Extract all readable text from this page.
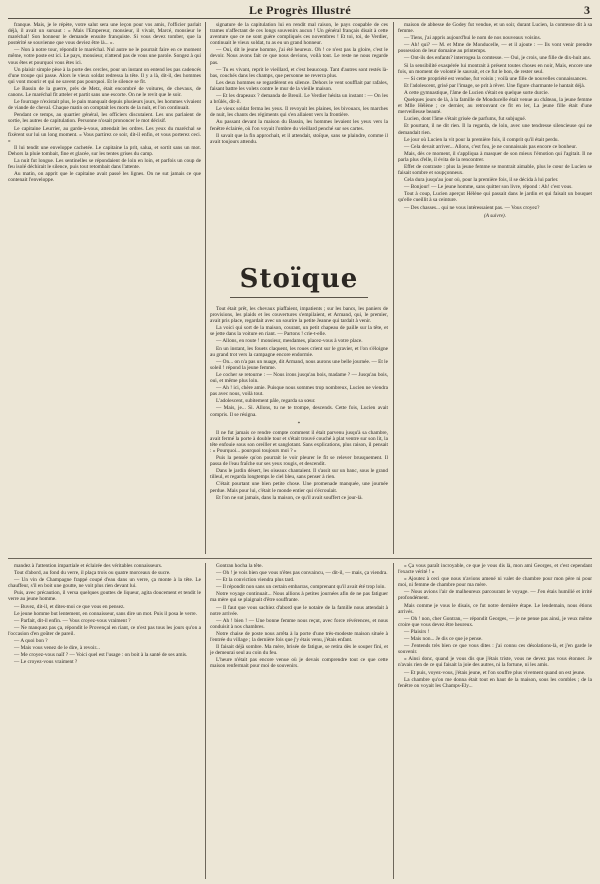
Le Progrès Illustré	3

franque. Mais, je le répète, votre salut sera une leçon pour vos amis, l'officier parlait déjà, il avait un sursaut : « Mais l'Empereur, monsieur, il vivait, Marcé, monsieur le maréchal! Son honneur le demande ensuite franquiste. Si vous devez tomber, que la postérité se souvienne que vous deviez être là... ».

— Non à notre tour, répondit le maréchal. Nul autre ne le pourrait faire en ce moment même, votre poste est ici. Le pays, monsieur, n'attend pas de vous une parole. Songez à qui vous êtes et pourquoi vous êtes ici.

Un plaisir simple pèse à la porte des cercles, pour un instant on entend les pas cadencés d'une troupe qui passe. Alors le vieux soldat redressa la tête. Il y a là, dit-il, des hommes qui vont mourir et qui ne savent pas pourquoi. Et le silence se fit.

Le Bassin de la guerre, près de Metz, était encombré de voitures, de chevaux, de canons. Le maréchal fit atteler et partit sans une escorte. On ne le revit que le soir.

Le fourrage n'existait plus, le pain manquait depuis plusieurs jours, les hommes vivaient de viande de cheval. Chaque matin on comptait les morts de la nuit, et l'on continuait.

Pendant ce temps, au quartier général, les officiers discutaient. Les uns parlaient de sortie, les autres de capitulation. Personne n'osait prononcer le mot décisif.

Le capitaine Leurrier, au garde-à-vous, attendait les ordres. Les yeux du maréchal se fixèrent sur lui un long moment. « Vous partirez ce soir, dit-il enfin, et vous porterez ceci. »

Il lui tendit une enveloppe cachetée. Le capitaine la prit, salua, et sortit sans un mot. Dehors la pluie tombait, fine et glacée, sur les tentes grises du camp.

La nuit fut longue. Les sentinelles se répondaient de loin en loin, et parfois un coup de feu isolé déchirait le silence, puis tout retombait dans l'attente.

Au matin, on apprit que le capitaine avait passé les lignes. On ne sut jamais ce que contenait l'enveloppe.

signature de la capitulation lui en rendit mal raison, le pays coupable de ces trames n'affectant de ces longs souvenirs aucun ! Un général français disait à cette aventure que ce ne sont guère compliqués ces novembres ! Et toi, toi, de Verdier, continuait le vieux soldat, tu as eu un grand honneur.

— Oui, dit le jeune homme, j'ai été heureux. Oh ! ce n'est pas la gloire, c'est le devoir. Nous avons fait ce que nous devions, voilà tout. Le reste ne nous regarde pas.

— Tu es vivant, reprit le vieillard, et c'est beaucoup. Tant d'autres sont restés là-bas, couchés dans les champs, que personne ne reverra plus.

Les deux hommes se regardèrent en silence. Dehors le vent soufflait par rafales, faisant battre les volets contre le mur de la vieille maison.

— Et les drapeaux ? demanda de Breuil. Le Verdier hésita un instant : — On les a brûlés, dit-il.

Le vieux soldat ferma les yeux. Il revoyait les plaines, les bivouacs, les marches de nuit, les chants des régiments qui s'en allaient vers la frontière.

Au passant devant la maison du Bassin, les hommes levaient les yeux vers la fenêtre éclairée, où l'on voyait l'ombre du vieillard penché sur ses cartes.

Il savait que la fin approchait, et il attendait, stoïque, sans se plaindre, comme il avait toujours attendu.

Stoïque

Tout était prêt, les chevaux piaffaient, impatients ; sur les bancs, les paniers de provisions, les plaids et les couvertures s'empilaient, et Armand, qui, le premier, avait pris place, regardait avec un sourire la petite Jeanne qui tardait à venir.

La voici qui sort de la maison, courant, un petit chapeau de paille sur la tête, et se jette dans la voiture en riant. — Partons ! crie-t-elle.

— Allons, en route ! monsieur, mesdames, placez-vous à votre place.

En un instant, les fouets claquent, les roues crient sur le gravier, et l'on s'éloigne au grand trot vers la campagne encore endormie.

— On... on n'a pas un nuage, dit Armand, nous aurons une belle journée. — Et le soleil ! répond la jeune femme.

Le cocher se retourne : — Nous irons jusqu'au bois, madame ? — Jusqu'au bois, oui, et même plus loin.

— Ah ! ici, chère amie. Puisque nous sommes trop nombreux, Lucien ne viendra pas avec nous, voilà tout.

L'adolescent, subitement pâle, regarda sa sœur.

— Mais, je... Si. Allons, tu ne te trompe, descends. Cette fois, Lucien avait compris. Il se résigna.

*

Il ne fut jamais ce rendre compte comment il était parvenu jusqu'à sa chambre, avait fermé la porte à double tour et s'était trouvé couché à plat ventre sur son lit, la tête enfouie sous son oreiller et sanglotant. Sans explications, plus raison, il pensait : « Pourquoi... pourquoi toujours moi ? »

Puis la pensée qu'on pourrait le voir pleurer le fit se relever brusquement. Il passa de l'eau fraîche sur ses yeux rougis, et descendit.

Dans le jardin désert, les oiseaux chantaient. Il s'assit sur un banc, sous le grand tilleul, et regarda longtemps le ciel bleu, sans penser à rien.

C'était pourtant une bien petite chose. Une promenade manquée, une journée perdue. Mais pour lui, c'était le monde entier qui s'écroulait.

Et l'on ne sut jamais, dans la maison, ce qu'il avait souffert ce jour-là.

maison de abbesse de Godey fut vendue, et un soir, durant Lucien, la comtesse dit à sa femme.

— Tiens, j'ai appris aujourd'hui le nom de nos nouveaux voisins.

— Ah! qui? — M. et Mme de Monducelle, — et il ajoute : — Ils vont venir prendre possession de leur domaine au printemps.

— Ont-ils des enfants? interrogea la comtesse. — Oui, je crois, une fille de dix-huit ans.

Si la sensibilité exaspérée lui montrait à présent toutes choses en noir, Mais, encore une fois, un moment de volonté le sauvait, et ce fut le bon, de rester seul.

— Si cette propriété est vendue, fut voisin ; voilà une fille de nouvelles connaissances.

Et l'adolescent, grisé par l'image, se prit à rêver. Une figure charmante le hantait déjà.

A cette gymnastique, l'âme de Lucien s'était en quelque sorte durcie.

Quelques jours de là, à la famille de Monducelle était venue au château, la jeune femme et Mlle Hélène ; ce dernier, au retrouvant ce fit en ler, La jeune fille était d'une merveilleuse beauté.

Lucien, dont l'âme s'était grisée de parfums, fut subjugué.

Et pourtant, il ne dit rien. Il la regarda, de loin, avec une tendresse silencieuse qui ne demandait rien.

Le jour où Lucien la vit pour la première fois, il comprit qu'il était perdu.

— Cela devait arriver... Allons, c'est fou, je ne connaissais pas encore ce bonheur.

Mais, dès ce moment, il s'appliqua à masquer de son mieux l'émotion qui l'agitait. Il ne parla plus d'elle, il évita de la rencontrer.

Effet de contraste : plus la jeune femme se montrait aimable, plus le cœur de Lucien se faisait sombre et soupçonneux.

Cela dura jusqu'au jour où, pour la première fois, il se décida à lui parler.

— Bonjour! — Le jeune homme, sans quitter son livre, répond : Ah! c'est vous.

Tout à coup, Lucien aperçut Hélène qui passait dans le jardin et qui faisait un bouquet qu'elle cueillit à sa ceinture.

— Des chasses... qui ne vous intéressaient pas. — Vous croyez?

(A suivre).

mandez à l'attention impartiale et éclairée des véritables connaisseurs.

Tout d'abord, au fond du verre, il plaça trois ou quatre morceaux de sucre.

— Un vin de Champagne frappé coupé d'eau dans un verre, ça monte à la tête. Le chauffeur, s'il en boit une goutte, ne voit plus rien devant lui.

Puis, avec précaution, il versa quelques gouttes de liqueur, agita doucement et tendit le verre au jeune homme.

— Buvez, dit-il, et dites-moi ce que vous en pensez.

Le jeune homme but lentement, en connaisseur, sans dire un mot. Puis il posa le verre.

— Parfait, dit-il enfin. — Vous croyez-vous vraiment ?

— Ne manquez pas ça, répondit le Provençal en riant, ce n'est pas tous les jours qu'on a l'occasion d'en goûter de pareil.

— A quoi bon ?

— Mais vous venez de le dire, à revoir...

— Me croyez-vous naïf ? — Voici quel est l'usage : on boit à la santé de ses amis.

— Le croyez-vous vraiment ?

Gontran hocha la tête.

— Oh ! je vois bien que vous n'êtes pas convaincu, — dit-il, — mais, ça viendra.

— Et la conviction viendra plus tard.

— Il répondit non sans un certain embarras, comprenant qu'il avait été trop loin.

Notre voyage continuait... Nous allions à petites journées afin de ne pas fatiguer ma mère qui se plaignait d'être souffrante.

— Il faut que vous sachiez d'abord que le notaire de la famille nous attendait à notre arrivée.

— Ah ! bien ! — Une bonne femme nous reçut, avec force révérences, et nous conduisit à nos chambres.

Notre chaise de poste nous arrêta à la porte d'une très-modeste maison située à l'entrée du village ; la dernière fois que j'y étais venu, j'étais enfant.

Il faisait déjà sombre. Ma mère, brisée de fatigue, se retira dès le souper fini, et je demeurai seul au coin du feu.

L'heure n'était pas encore venue où je devais comprendre tout ce que cette maison renfermait pour moi de souvenirs.

« Ça vous paraît incroyable, ce que je vous dis là, mon ami Georges, et c'est cependant l'exacte vérité ! »

« Ajoutez à ceci que nous n'avions amené ni valet de chambre pour mon père ni pour moi, ni femme de chambre pour ma mère.

— Nous avions l'air de malheureux parcourant le voyage. — J'en étais humilié et irrité profondément.

Mais comme je vous le disais, ce fut notre dernière étape. Le lendemain, nous étions arrivés.

— Oh ! non, cher Gontran, — répondit Georges, — je ne pense pas ainsi, je veux même croire que vous devez être heureux.

— Plaisirs !

— Mais non... Je dis ce que je pense.

— J'entends très bien ce que vous dites : j'ai connu ces désolations-là, et j'en garde le souvenir.

« Ainsi donc, quand je vous dis que j'étais triste, vous ne devez pas vous étonner. Je n'avais rien de ce qui faisait la joie des autres, ni la fortune, ni les amis.

— Et puis, voyez-vous, j'étais jeune, et l'on souffre plus vivement quand on est jeune.

La chambre qu'on me donna était tout en haut de la maison, sous les combles ; de la fenêtre on voyait les Champs-Ely...
